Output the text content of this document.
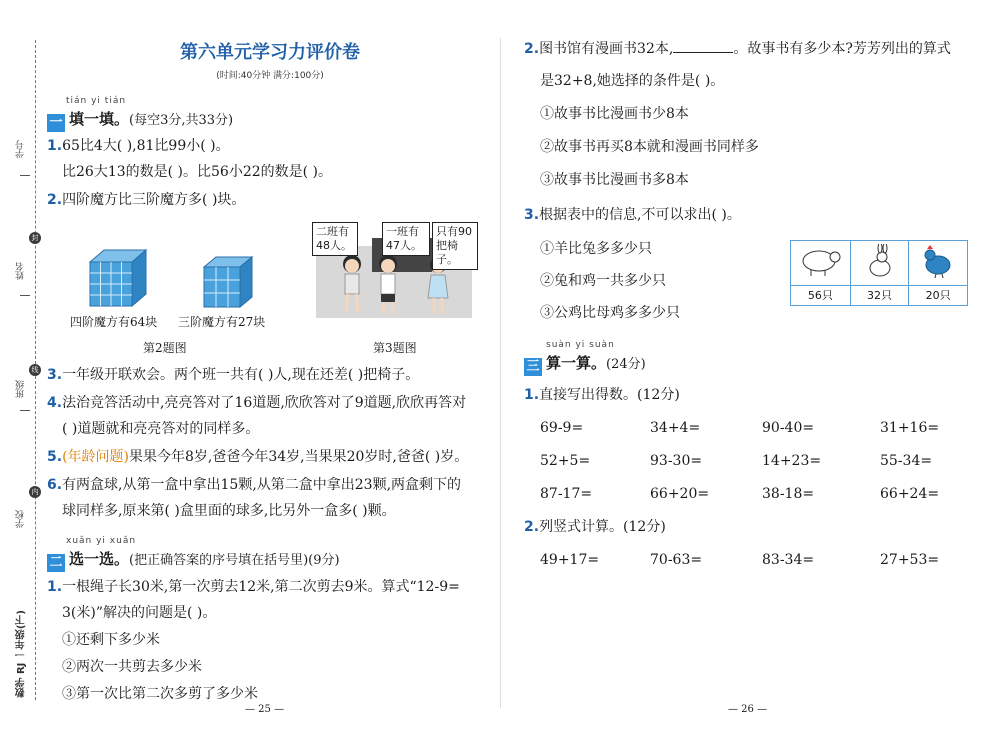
学号
姓名
班级
学校
数学 RJ 一年级(下)
封
线
内
第六单元学习力评价卷
(时间:40分钟 满分:100分)
tián yi tián
一 填一填。(每空3分,共33分)
1.65比4大( ),81比99小( )。
比26大13的数是( )。比56小22的数是( )。
2.四阶魔方比三阶魔方多( )块。
四阶魔方有64块 三阶魔方有27块
第2题图
二班有 48人。
一班有 47人。
只有90 把椅子。
第3题图
3.一年级开联欢会。两个班一共有( )人,现在还差( )把椅子。
4.法治竞答活动中,亮亮答对了16道题,欣欣答对了9道题,欣欣再答对
( )道题就和亮亮答对的同样多。
5.(年龄问题)果果今年8岁,爸爸今年34岁,当果果20岁时,爸爸( )岁。
6.有两盒球,从第一盒中拿出15颗,从第二盒中拿出23颗,两盒剩下的
球同样多,原来第( )盒里面的球多,比另外一盒多( )颗。
xuǎn yi xuǎn
二 选一选。(把正确答案的序号填在括号里)(9分)
1.一根绳子长30米,第一次剪去12米,第二次剪去9米。算式“12-9=
3(米)”解决的问题是( )。
①还剩下多少米
②两次一共剪去多少米
③第一次比第二次多剪了多少米
— 25 —
2.图书馆有漫画书32本,	。故事书有多少本?芳芳列出的算式
是32+8,她选择的条件是( )。
①故事书比漫画书少8本
②故事书再买8本就和漫画书同样多
③故事书比漫画书多8本
3.根据表中的信息,不可以求出( )。
①羊比兔多多少只
②兔和鸡一共多少只
③公鸡比母鸡多多少只

56只	32只	20只
suàn yi suàn
三 算一算。(24分)
1.直接写出得数。(12分)
69-9=	34+4=	90-40=	31+16=
52+5=	93-30=	14+23=	55-34=
87-17=	66+20=	38-18=	66+24=
2.列竖式计算。(12分)
49+17=	70-63=	83-34=	27+53=
— 26 —
